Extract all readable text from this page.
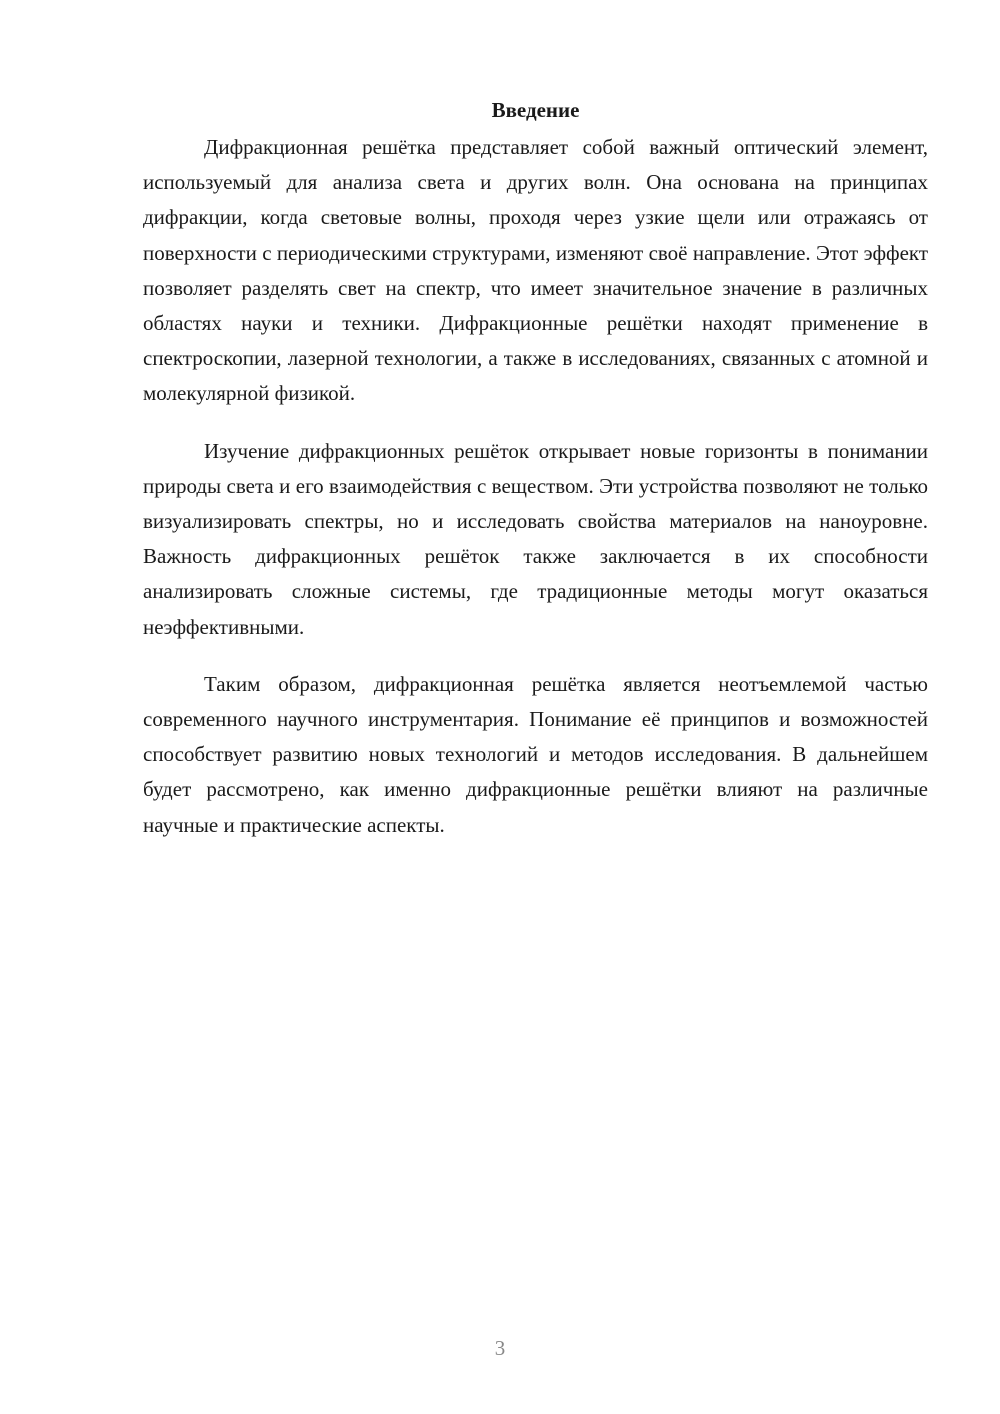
Введение

Дифракционная решётка представляет собой важный оптический элемент, используемый для анализа света и других волн. Она основана на принципах дифракции, когда световые волны, проходя через узкие щели или отражаясь от поверхности с периодическими структурами, изменяют своё направление. Этот эффект позволяет разделять свет на спектр, что имеет значительное значение в различных областях науки и техники. Дифракционные решётки находят применение в спектроскопии, лазерной технологии, а также в исследованиях, связанных с атомной и молекулярной физикой.

Изучение дифракционных решёток открывает новые горизонты в понимании природы света и его взаимодействия с веществом. Эти устройства позволяют не только визуализировать спектры, но и исследовать свойства материалов на наноуровне. Важность дифракционных решёток также заключается в их способности анализировать сложные системы, где традиционные методы могут оказаться неэффективными.

Таким образом, дифракционная решётка является неотъемлемой частью современного научного инструментария. Понимание её принципов и возможностей способствует развитию новых технологий и методов исследования. В дальнейшем будет рассмотрено, как именно дифракционные решётки влияют на различные научные и практические аспекты.

3
